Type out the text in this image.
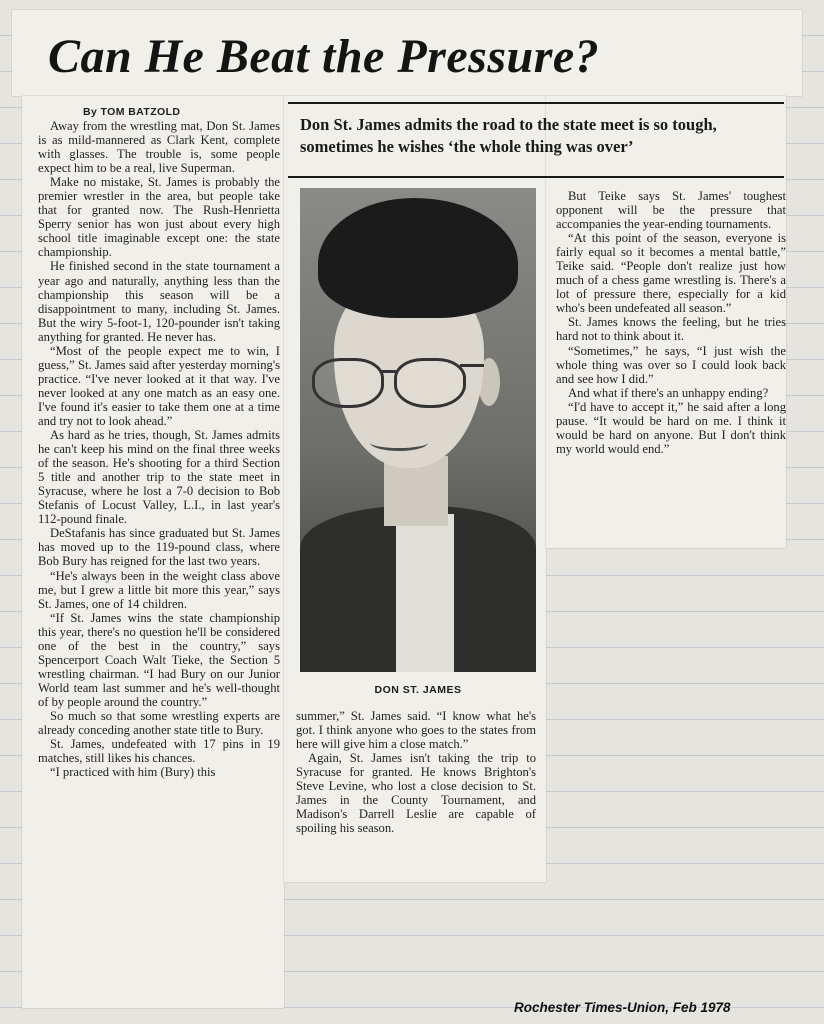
Can He Beat the Pressure?

Don St. James admits the road to the state meet is so tough, sometimes he wishes ‘the whole thing was over’

By TOM BATZOLD

Away from the wrestling mat, Don St. James is as mild-mannered as Clark Kent, complete with glasses. The trouble is, some people expect him to be a real, live Superman.

Make no mistake, St. James is probably the premier wrestler in the area, but people take that for granted now. The Rush-Henrietta Sperry senior has won just about every high school title imaginable except one: the state championship.

He finished second in the state tournament a year ago and naturally, anything less than the championship this season will be a disappointment to many, including St. James. But the wiry 5-foot-1, 120-pounder isn't taking anything for granted. He never has.

“Most of the people expect me to win, I guess,” St. James said after yesterday morning's practice. “I've never looked at it that way. I've never looked at any one match as an easy one. I've found it's easier to take them one at a time and try not to look ahead.”

As hard as he tries, though, St. James admits he can't keep his mind on the final three weeks of the season. He's shooting for a third Section 5 title and another trip to the state meet in Syracuse, where he lost a 7-0 decision to Bob Stefanis of Locust Valley, L.I., in last year's 112-pound finale.

DeStafanis has since graduated but St. James has moved up to the 119-pound class, where Bob Bury has reigned for the last two years.

“He's always been in the weight class above me, but I grew a little bit more this year,” says St. James, one of 14 children.

“If St. James wins the state championship this year, there's no question he'll be considered one of the best in the country,” says Spencerport Coach Walt Tieke, the Section 5 wrestling chairman. “I had Bury on our Junior World team last summer and he's well-thought of by people around the country.”

So much so that some wrestling experts are already conceding another state title to Bury.

St. James, undefeated with 17 pins in 19 matches, still likes his chances.

“I practiced with him (Bury) this

DON ST. JAMES

summer,” St. James said. “I know what he's got. I think anyone who goes to the states from here will give him a close match.”

Again, St. James isn't taking the trip to Syracuse for granted. He knows Brighton's Steve Levine, who lost a close decision to St. James in the County Tournament, and Madison's Darrell Leslie are capable of spoiling his season.

But Teike says St. James' toughest opponent will be the pressure that accompanies the year-ending tournaments.

“At this point of the season, everyone is fairly equal so it becomes a mental battle,” Teike said. “People don't realize just how much of a chess game wrestling is. There's a lot of pressure there, especially for a kid who's been undefeated all season.”

St. James knows the feeling, but he tries hard not to think about it.

“Sometimes,” he says, “I just wish the whole thing was over so I could look back and see how I did.”

And what if there's an unhappy ending?

“I'd have to accept it,” he said after a long pause. “It would be hard on me. I think it would be hard on anyone. But I don't think my world would end.”

Rochester Times-Union, Feb 1978
